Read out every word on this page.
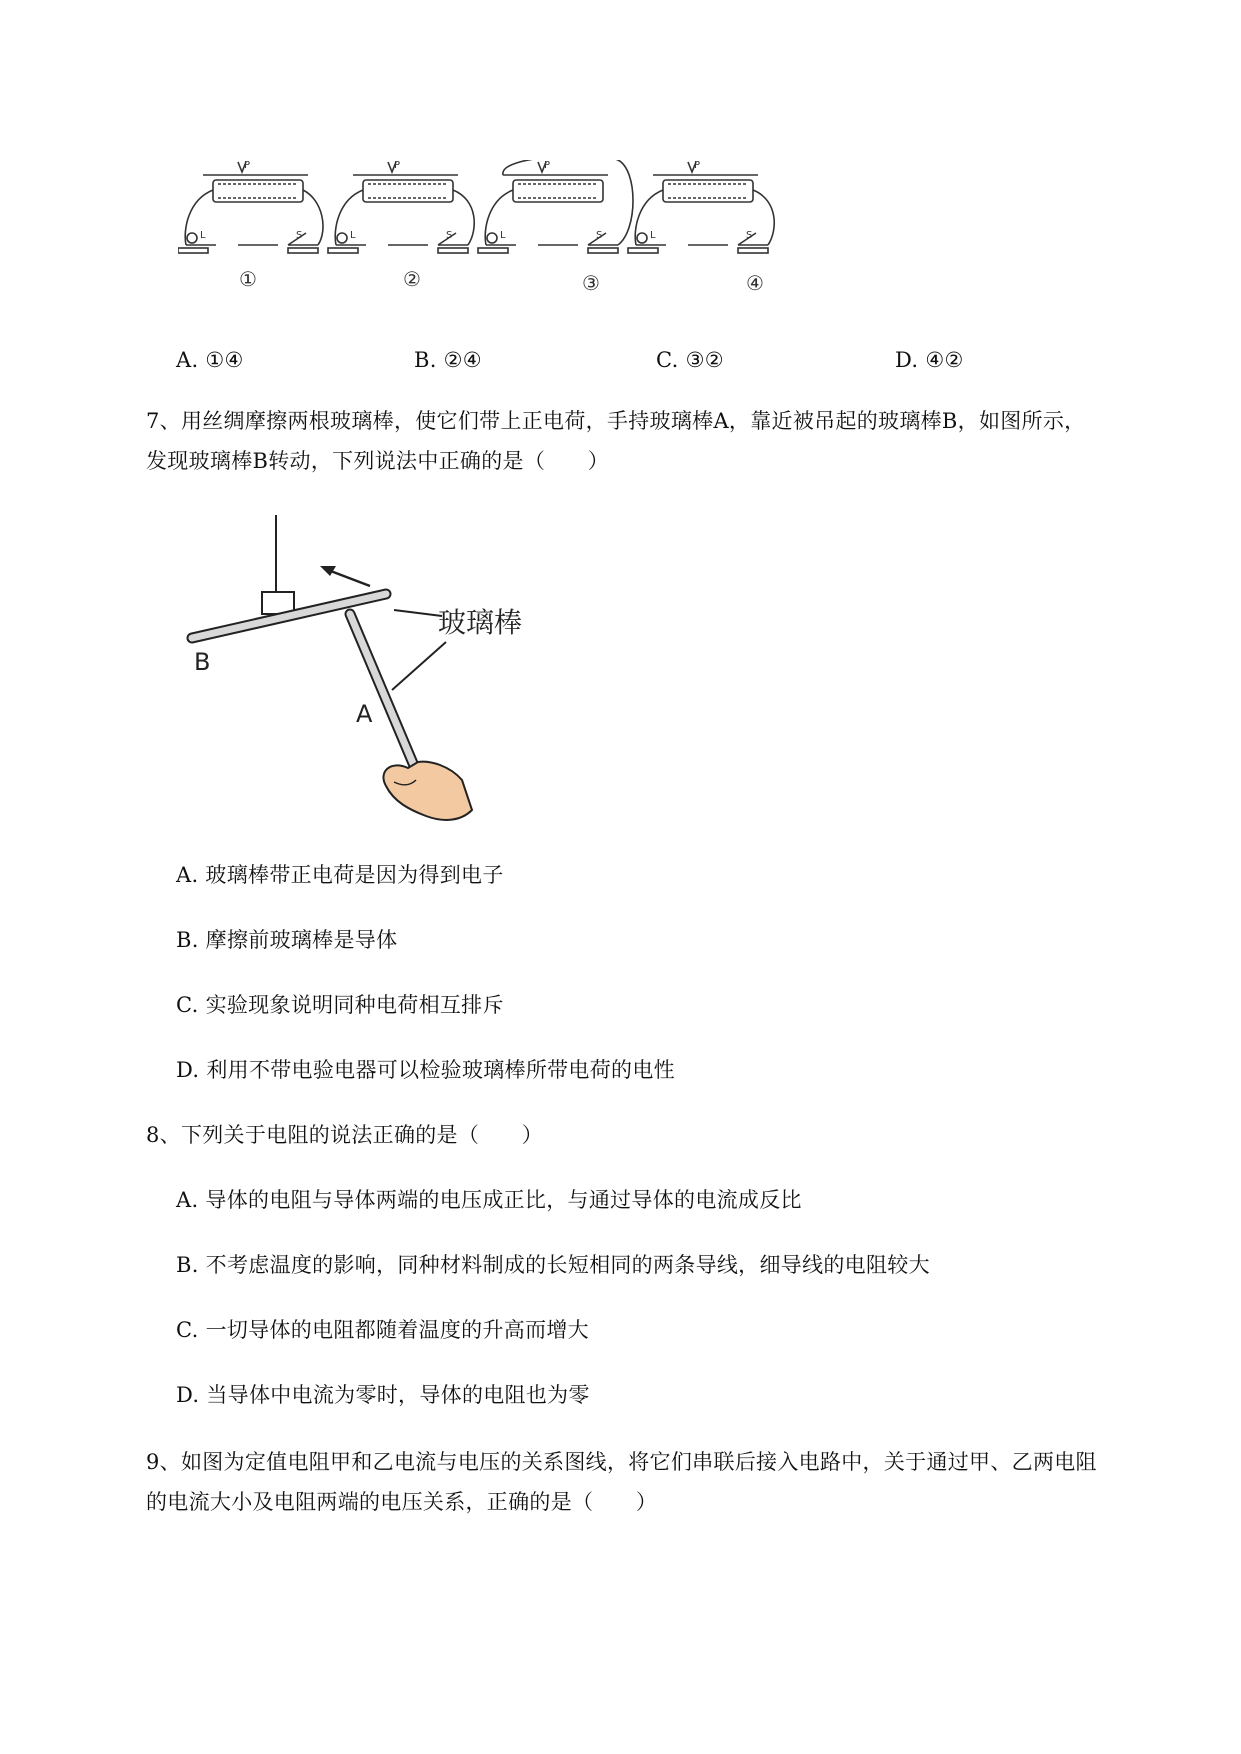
L	S
P
L	S
P
L	S
P
L	S
P
①	②	③	④
A. ①④	B. ②④	C. ③②	D. ④②
7、用丝绸摩擦两根玻璃棒，使它们带上正电荷，手持玻璃棒A，靠近被吊起的玻璃棒B，如图所示，
发现玻璃棒B转动，下列说法中正确的是（　　）
玻璃棒
B
A
A. 玻璃棒带正电荷是因为得到电子
B. 摩擦前玻璃棒是导体
C. 实验现象说明同种电荷相互排斥
D. 利用不带电验电器可以检验玻璃棒所带电荷的电性
8、下列关于电阻的说法正确的是（　　）
A. 导体的电阻与导体两端的电压成正比，与通过导体的电流成反比
B. 不考虑温度的影响，同种材料制成的长短相同的两条导线，细导线的电阻较大
C. 一切导体的电阻都随着温度的升高而增大
D. 当导体中电流为零时，导体的电阻也为零
9、如图为定值电阻甲和乙电流与电压的关系图线，将它们串联后接入电路中，关于通过甲、乙两电阻
的电流大小及电阻两端的电压关系，正确的是（　　）
